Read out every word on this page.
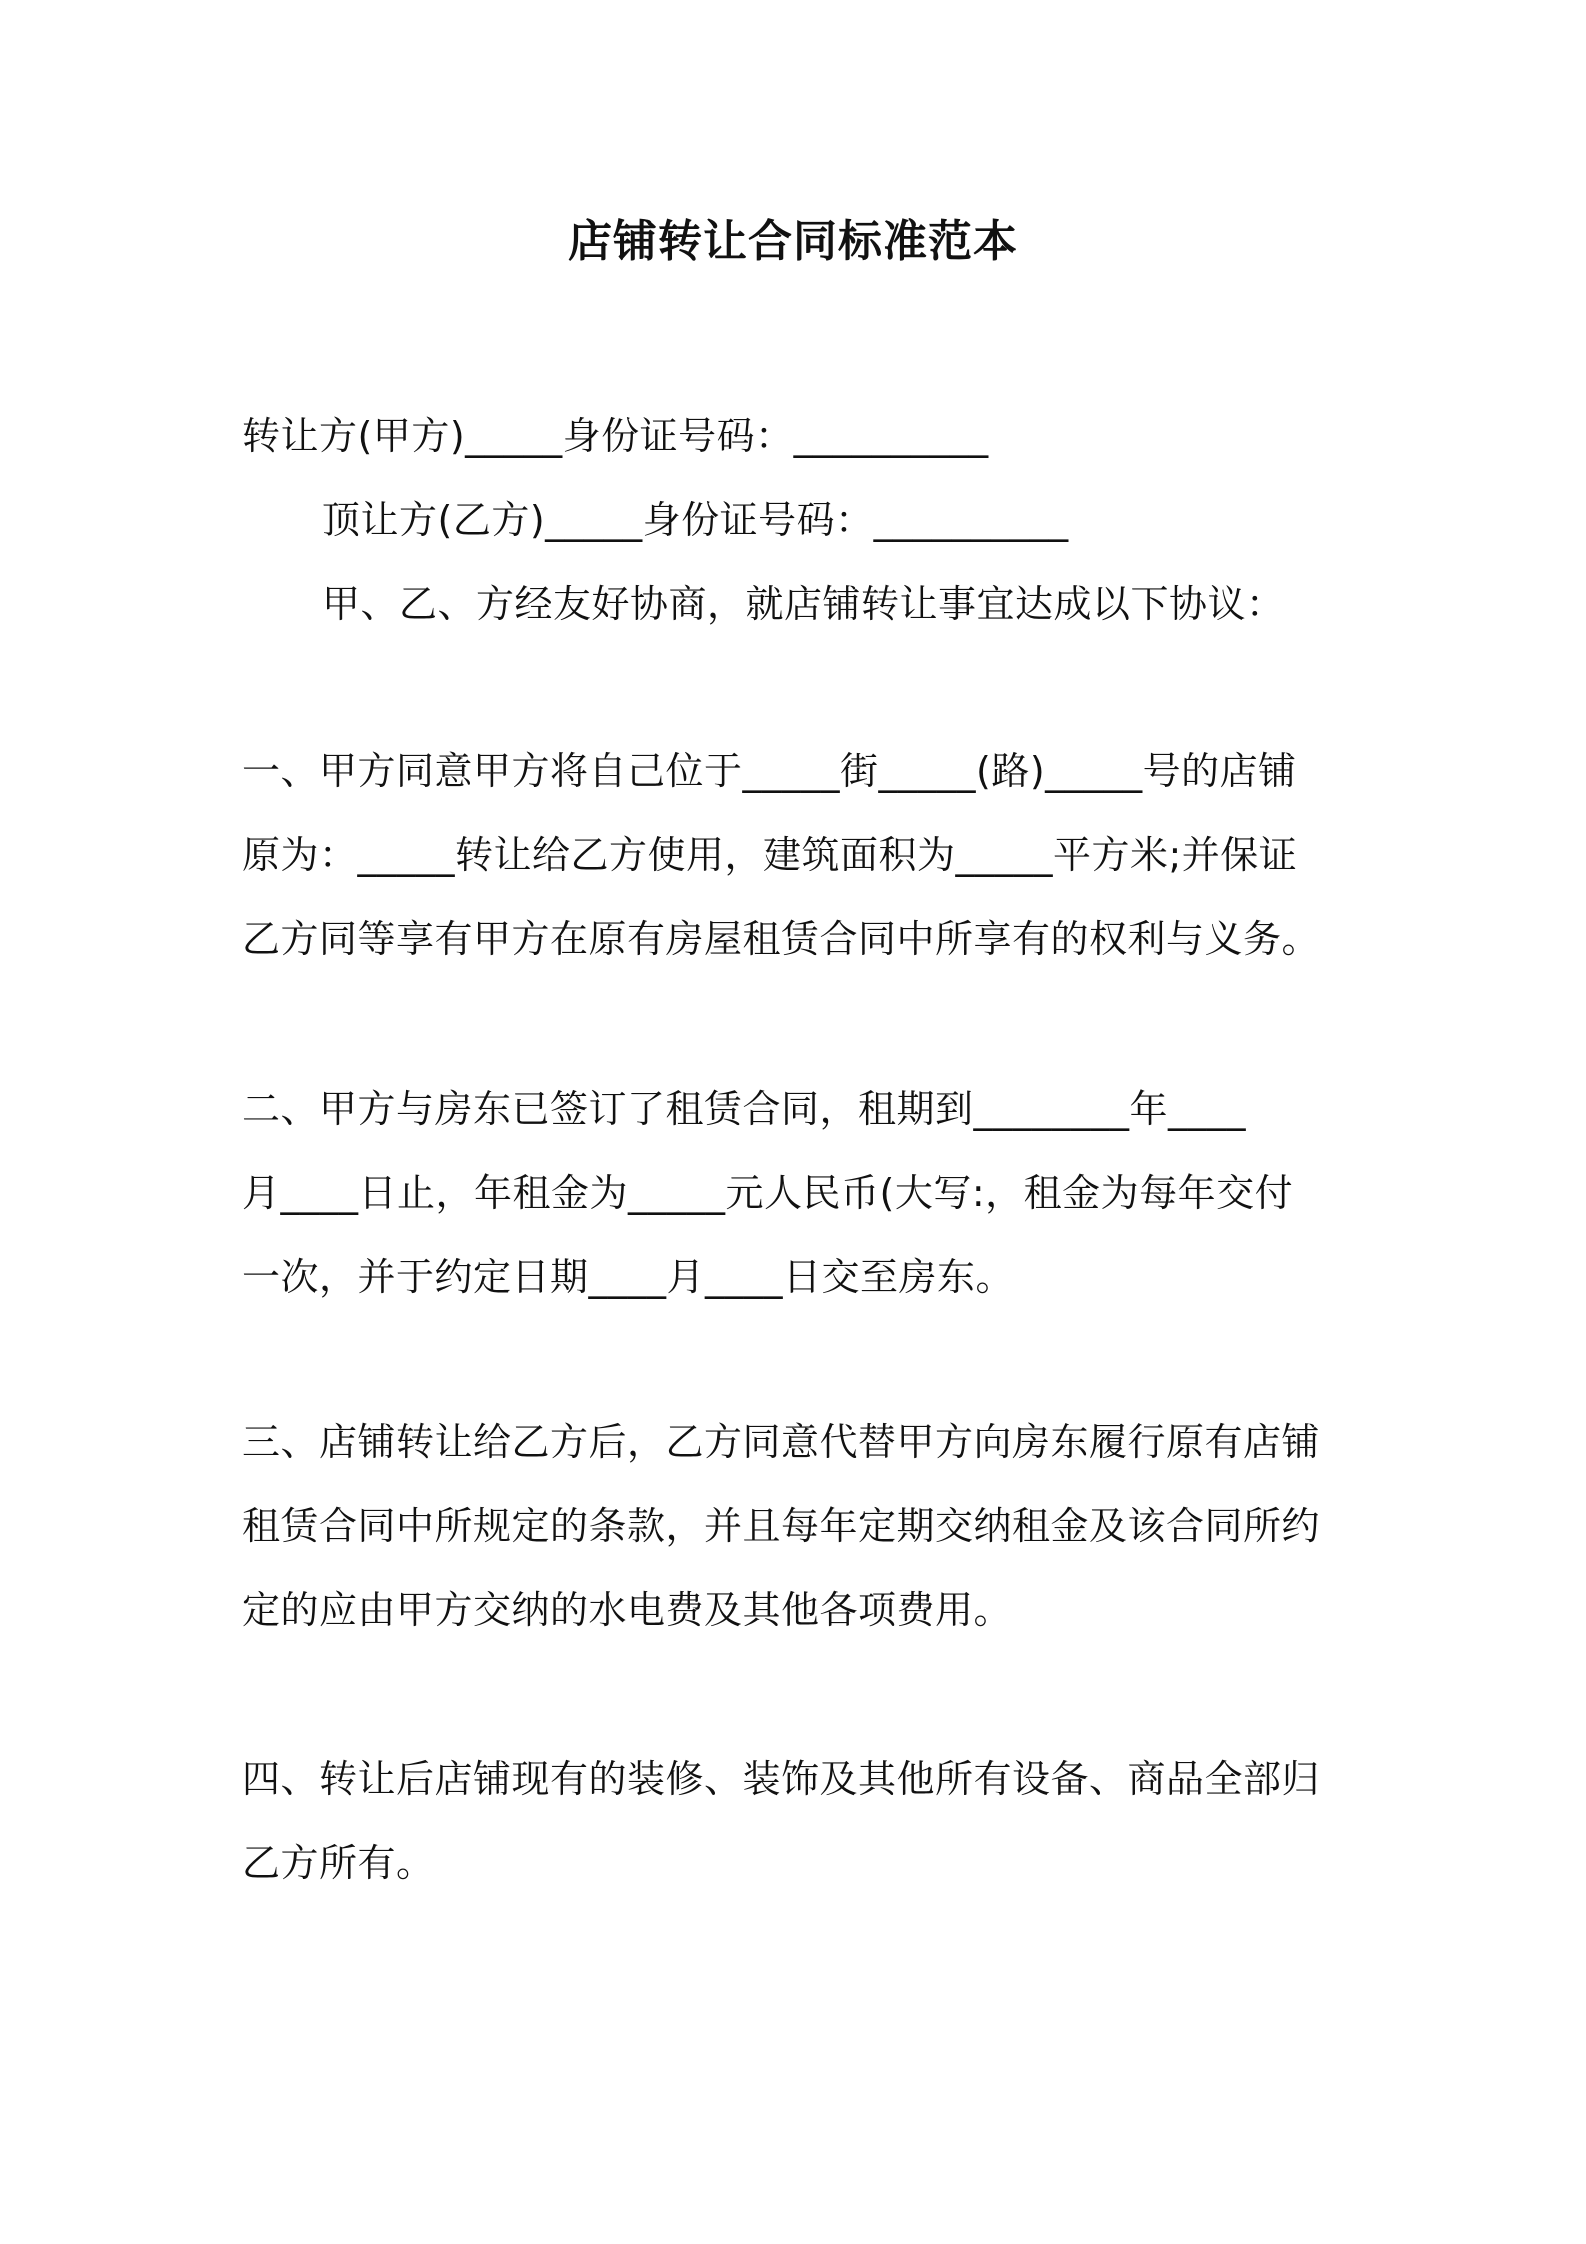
店铺转让合同标准范本
转让方(甲方)_____身份证号码：__________
顶让方(乙方)_____身份证号码：__________
甲、乙、方经友好协商，就店铺转让事宜达成以下协议：
一、甲方同意甲方将自己位于_____街_____(路)_____号的店铺
原为：_____转让给乙方使用，建筑面积为_____平方米;并保证
乙方同等享有甲方在原有房屋租赁合同中所享有的权利与义务。
二、甲方与房东已签订了租赁合同，租期到________年____
月____日止，年租金为_____元人民币(大写:，租金为每年交付
一次，并于约定日期____月____日交至房东。
三、店铺转让给乙方后，乙方同意代替甲方向房东履行原有店铺
租赁合同中所规定的条款，并且每年定期交纳租金及该合同所约
定的应由甲方交纳的水电费及其他各项费用。
四、转让后店铺现有的装修、装饰及其他所有设备、商品全部归
乙方所有。
